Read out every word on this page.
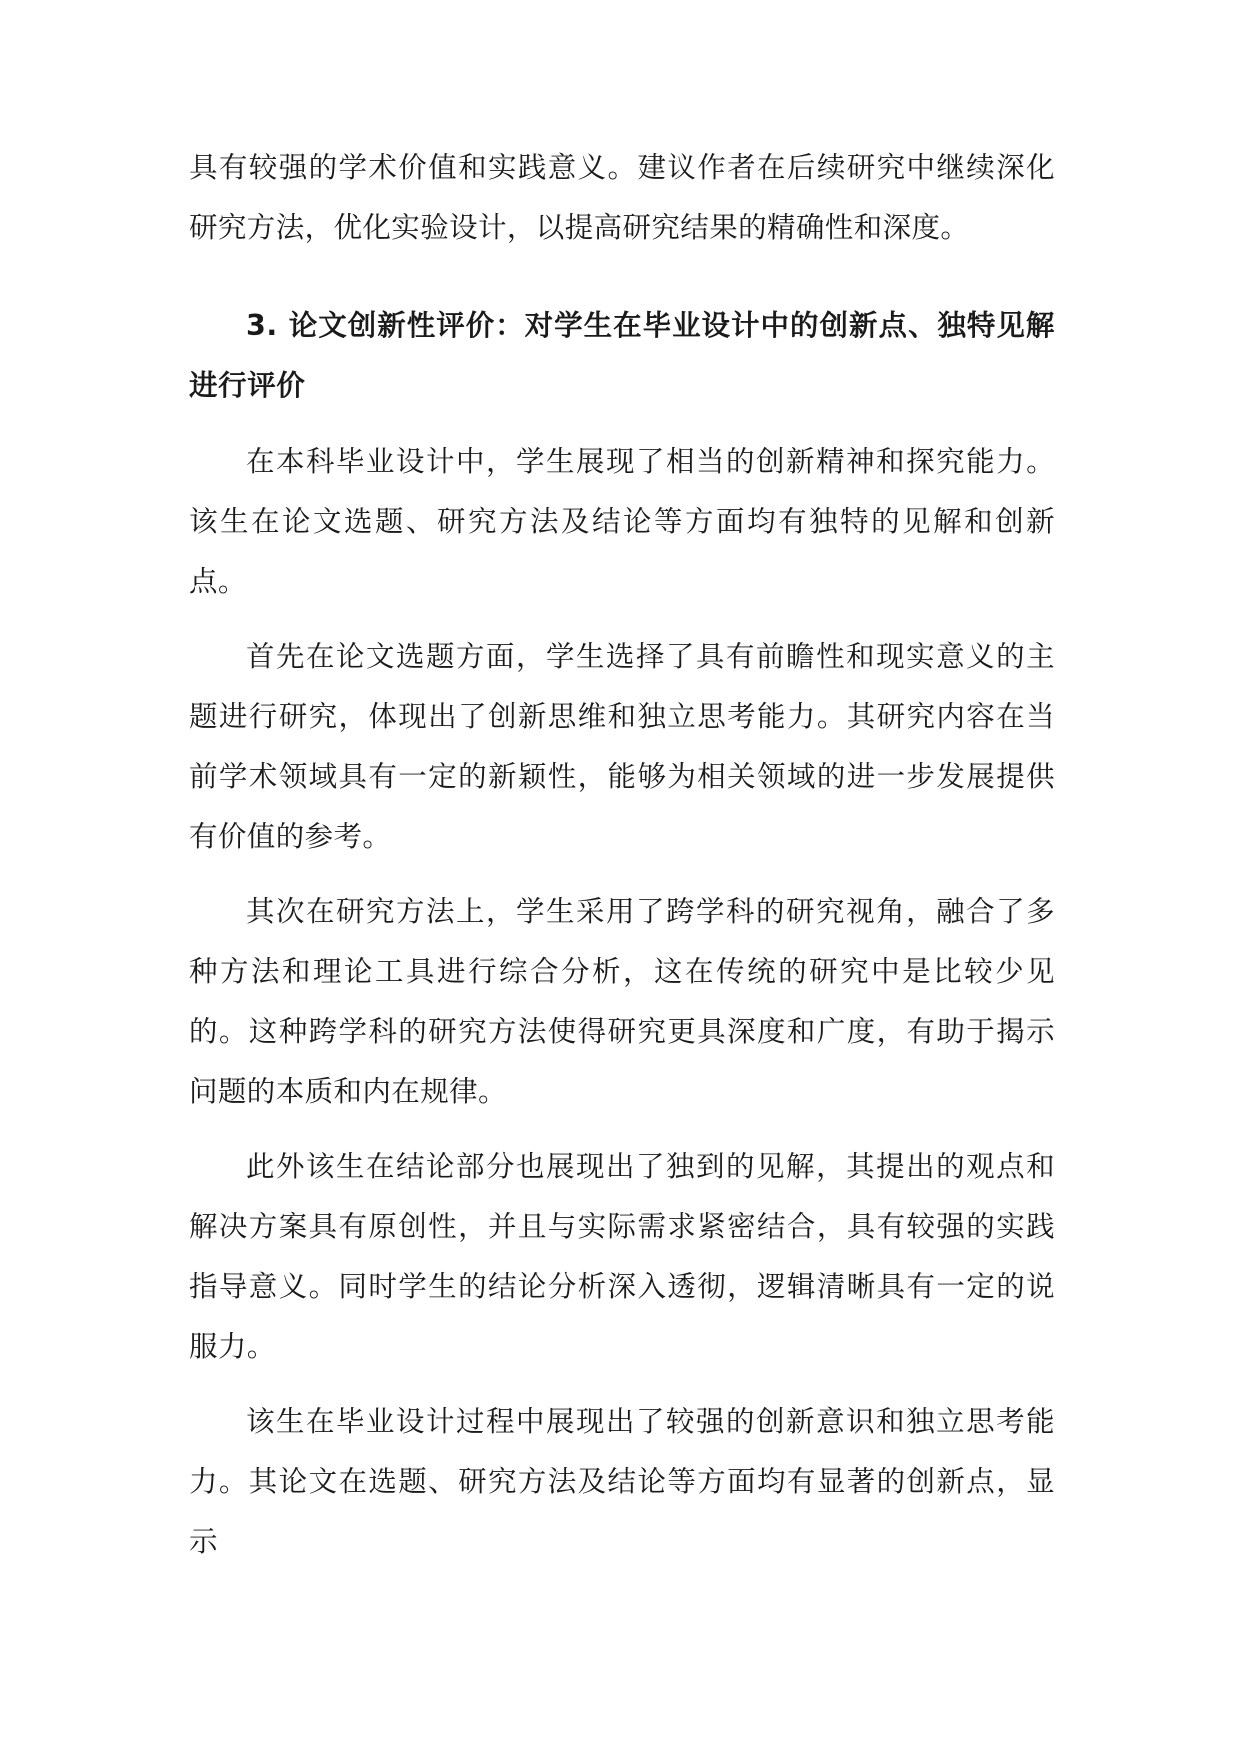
具有较强的学术价值和实践意义。建议作者在后续研究中继续深化研究方法，优化实验设计，以提高研究结果的精确性和深度。

3. 论文创新性评价：对学生在毕业设计中的创新点、独特见解进行评价

在本科毕业设计中，学生展现了相当的创新精神和探究能力。该生在论文选题、研究方法及结论等方面均有独特的见解和创新点。

首先在论文选题方面，学生选择了具有前瞻性和现实意义的主题进行研究，体现出了创新思维和独立思考能力。其研究内容在当前学术领域具有一定的新颖性，能够为相关领域的进一步发展提供有价值的参考。

其次在研究方法上，学生采用了跨学科的研究视角，融合了多种方法和理论工具进行综合分析，这在传统的研究中是比较少见的。这种跨学科的研究方法使得研究更具深度和广度，有助于揭示问题的本质和内在规律。

此外该生在结论部分也展现出了独到的见解，其提出的观点和解决方案具有原创性，并且与实际需求紧密结合，具有较强的实践指导意义。同时学生的结论分析深入透彻，逻辑清晰具有一定的说服力。

该生在毕业设计过程中展现出了较强的创新意识和独立思考能力。其论文在选题、研究方法及结论等方面均有显著的创新点，显示
